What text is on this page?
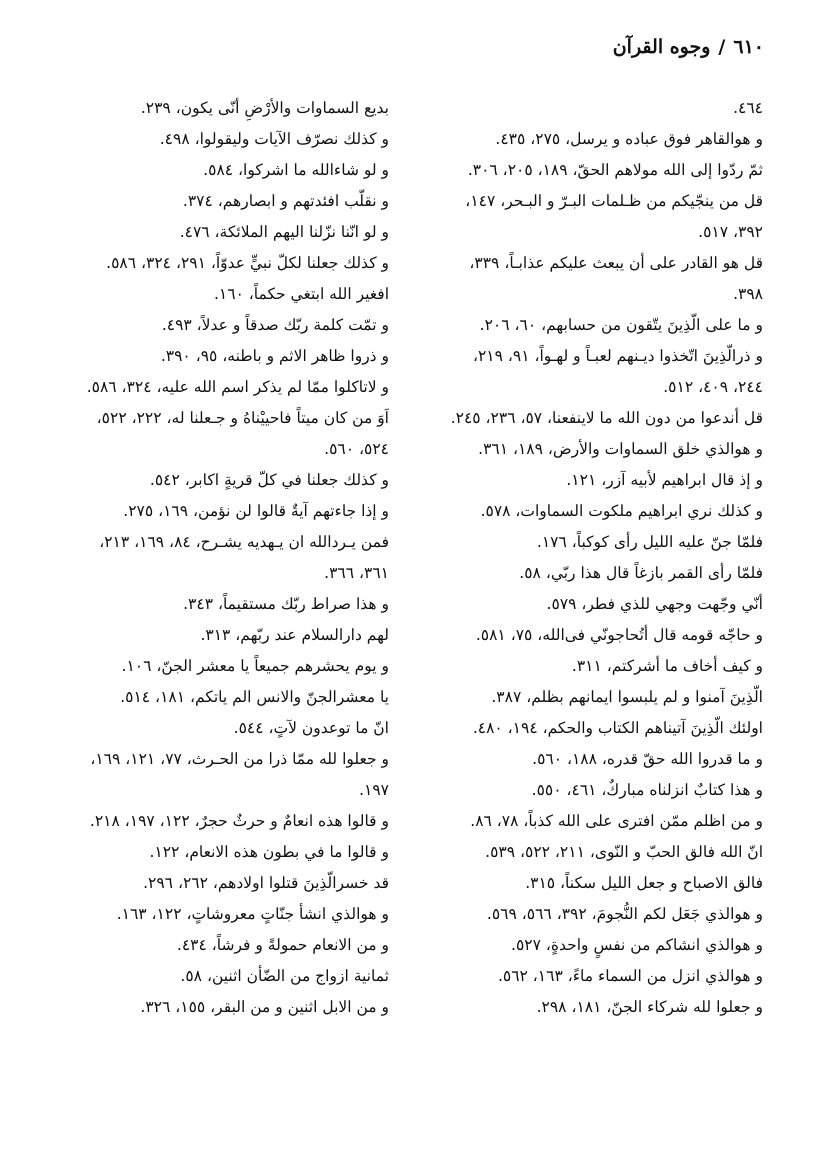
٦١٠/وجوه القرآن
٤٦٤.
و هوالقاهر فوق عباده و يرسل، ٢٧٥، ٤٣٥.
ثمّ ردّوا إلى الله مولاهم الحقّ، ١٨٩، ٢٠٥، ٣٠٦.
قل من ينجّيكم من ظـلمات البـرّ و البـحر، ١٤٧،
٣٩٢، ٥١٧.
قل هو القادر على أن يبعث عليكم عذابـاً، ٣٣٩،
٣٩٨.
و ما على الّذِينَ يتّقون من حسابهم، ٦٠، ٢٠٦.
و ذرالّذِينَ اتّخذوا ديـنهم لعبـاً و لهـواً، ٩١، ٢١٩،
٢٤٤، ٤٠٩، ٥١٢.
قل أندعوا من دون الله ما لاينفعنا، ٥٧، ٢٣٦، ٢٤٥.
و هوالذي خلق السماوات والأرض، ١٨٩، ٣٦١.
و إذ قال ابراهيم لأبيه آزر، ١٢١.
و كذلك نري ابراهيم ملكوت السماوات، ٥٧٨.
فلمّا جنّ عليه الليل رأى كوكباً، ١٧٦.
فلمّا رأى القمر بازغاً قال هذا ربّي، ٥٨.
أنّي وجّهت وجهي للذي فطر، ٥٧٩.
و حاجّه قومه قال أتُحاجونّي فى‌الله، ٧٥، ٥٨١.
و كيف أخاف ما أشركتم، ٣١١.
الّذِينَ آمنوا و لم يلبسوا ايمانهم بظلم، ٣٨٧.
اولئك الّذِينَ آتيناهم الكتاب والحكم، ١٩٤، ٤٨٠.
و ما قدروا الله حقّ قدره، ١٨٨، ٥٦٠.
و هذا كتابٌ انزلناه مباركٌ، ٤٦١، ٥٥٠.
و من اظلم ممّن افترى على الله كذباً، ٧٨، ٨٦.
انّ الله فالق الحبّ و النّوى، ٢١١، ٥٢٢، ٥٣٩.
فالق الاصباح و جعل الليل سكناً، ٣١٥.
و هوالذي جَعَل لكم النُّجومَ، ٣٩٢، ٥٦٦، ٥٦٩.
و هوالذي انشاكم من نفسٍ واحدةٍ، ٥٢٧.
و هوالذي انزل من السماء ماءً، ١٦٣، ٥٦٢.
و جعلوا لله شركاء الجنّ، ١٨١، ٢٩٨.
بديع السماوات والأرْضِ أنّى يكون، ٢٣٩.
و كذلك نصرّف الآيات وليقولوا، ٤٩٨.
و لو شاءالله ما اشركوا، ٥٨٤.
و نقلّب افئدتهم و ابصارهم، ٣٧٤.
و لو انّنا نزّلنا اليهم الملائكة، ٤٧٦.
و كذلك جعلنا لكلّ نبيٍّ عدوّاً، ٢٩١، ٣٢٤، ٥٨٦.
افغير الله ابتغي حكماً، ١٦٠.
و تمّت كلمة ربّك صدقاً و عدلاً، ٤٩٣.
و ذروا ظاهر الاثم و باطنه، ٩٥، ٣٩٠.
و لاتاكلوا ممّا لم يذكر اسم الله عليه، ٣٢٤، ٥٨٦.
اَوَ من كان ميتاً فاحييْناهُ و جـعلنا له، ٢٢٢، ٥٢٢،
٥٢٤، ٥٦٠.
و كذلك جعلنا في كلّ قريةٍ اكابر، ٥٤٢.
و إذا جاءتهم آيةٌ قالوا لن نؤمن، ١٦٩، ٢٧٥.
فمن يـردالله ان يـهديه يشـرح، ٨٤، ١٦٩، ٢١٣،
٣٦١، ٣٦٦.
و هذا صراط ربّك مستقيماً، ٣٤٣.
لهم دارالسلام عند ربّهم، ٣١٣.
و يوم يحشرهم جميعاً يا معشر الجنّ، ١٠٦.
يا معشرالجنّ والانس الم ياتكم، ١٨١، ٥١٤.
انّ ما توعدون لآتٍ، ٥٤٤.
و جعلوا لله ممّا ذرا من الحـرث، ٧٧، ١٢١، ١٦٩،
١٩٧.
و قالوا هذه انعامٌ و حرثٌ حجرٌ، ١٢٢، ١٩٧، ٢١٨.
و قالوا ما في بطون هذه الانعام، ١٢٢.
قد خسرالّذِينَ قتلوا اولادهم، ٢٦٢، ٢٩٦.
و هوالذي انشأ جنّاتٍ معروشاتٍ، ١٢٢، ١٦٣.
و من الانعام حمولةً و فرشاً، ٤٣٤.
ثمانية ازواج من الضّأن اثنين، ٥٨.
و من الابل اثنين و من البقر، ١٥٥، ٣٢٦.
